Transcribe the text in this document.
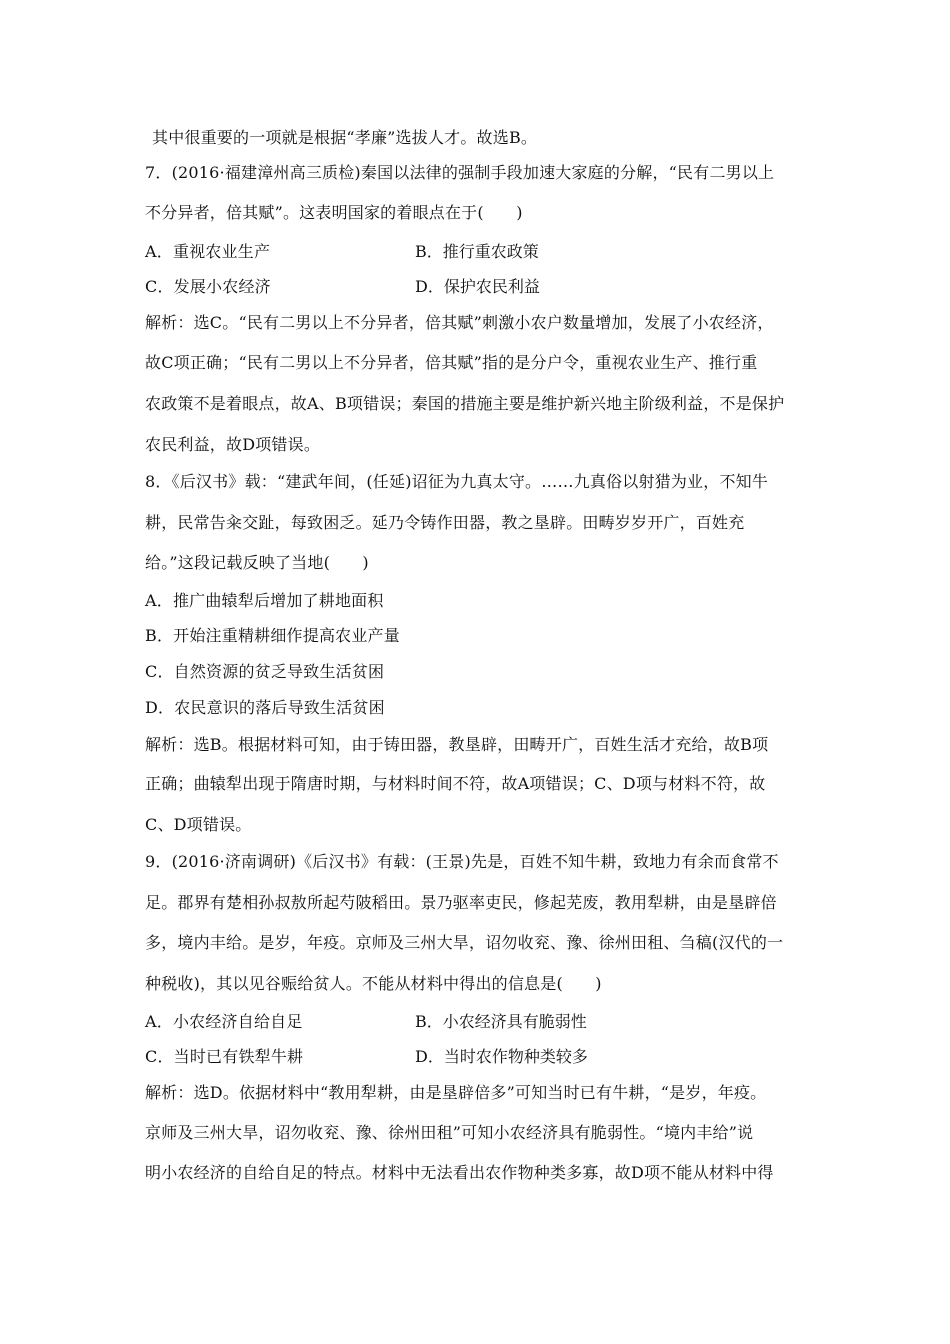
其中很重要的一项就是根据“孝廉”选拔人才。故选B。
7．(2016·福建漳州高三质检)秦国以法律的强制手段加速大家庭的分解，“民有二男以上
不分异者，倍其赋”。这表明国家的着眼点在于(　　)
A．重视农业生产	B．推行重农政策
C．发展小农经济	D．保护农民利益
解析：选C。“民有二男以上不分异者，倍其赋”刺激小农户数量增加，发展了小农经济，
故C项正确；“民有二男以上不分异者，倍其赋”指的是分户令，重视农业生产、推行重
农政策不是着眼点，故A、B项错误；秦国的措施主要是维护新兴地主阶级利益，不是保护
农民利益，故D项错误。
8．《后汉书》载：“建武年间，(任延)诏征为九真太守。……九真俗以射猎为业，不知牛
耕，民常告籴交趾，每致困乏。延乃令铸作田器，教之垦辟。田畴岁岁开广，百姓充
给。”这段记载反映了当地(　　)
A．推广曲辕犁后增加了耕地面积
B．开始注重精耕细作提高农业产量
C．自然资源的贫乏导致生活贫困
D．农民意识的落后导致生活贫困
解析：选B。根据材料可知，由于铸田器，教垦辟，田畴开广，百姓生活才充给，故B项
正确；曲辕犁出现于隋唐时期，与材料时间不符，故A项错误；C、D项与材料不符，故
C、D项错误。
9．(2016·济南调研)《后汉书》有载：(王景)先是，百姓不知牛耕，致地力有余而食常不
足。郡界有楚相孙叔敖所起芍陂稻田。景乃驱率吏民，修起芜废，教用犁耕，由是垦辟倍
多，境内丰给。是岁，年疫。京师及三州大旱，诏勿收兖、豫、徐州田租、刍稿(汉代的一
种税收)，其以见谷赈给贫人。不能从材料中得出的信息是(　　)
A．小农经济自给自足	B．小农经济具有脆弱性
C．当时已有铁犁牛耕	D．当时农作物种类较多
解析：选D。依据材料中“教用犁耕，由是垦辟倍多”可知当时已有牛耕，“是岁，年疫。
京师及三州大旱，诏勿收兖、豫、徐州田租”可知小农经济具有脆弱性。“境内丰给”说
明小农经济的自给自足的特点。材料中无法看出农作物种类多寡，故D项不能从材料中得
